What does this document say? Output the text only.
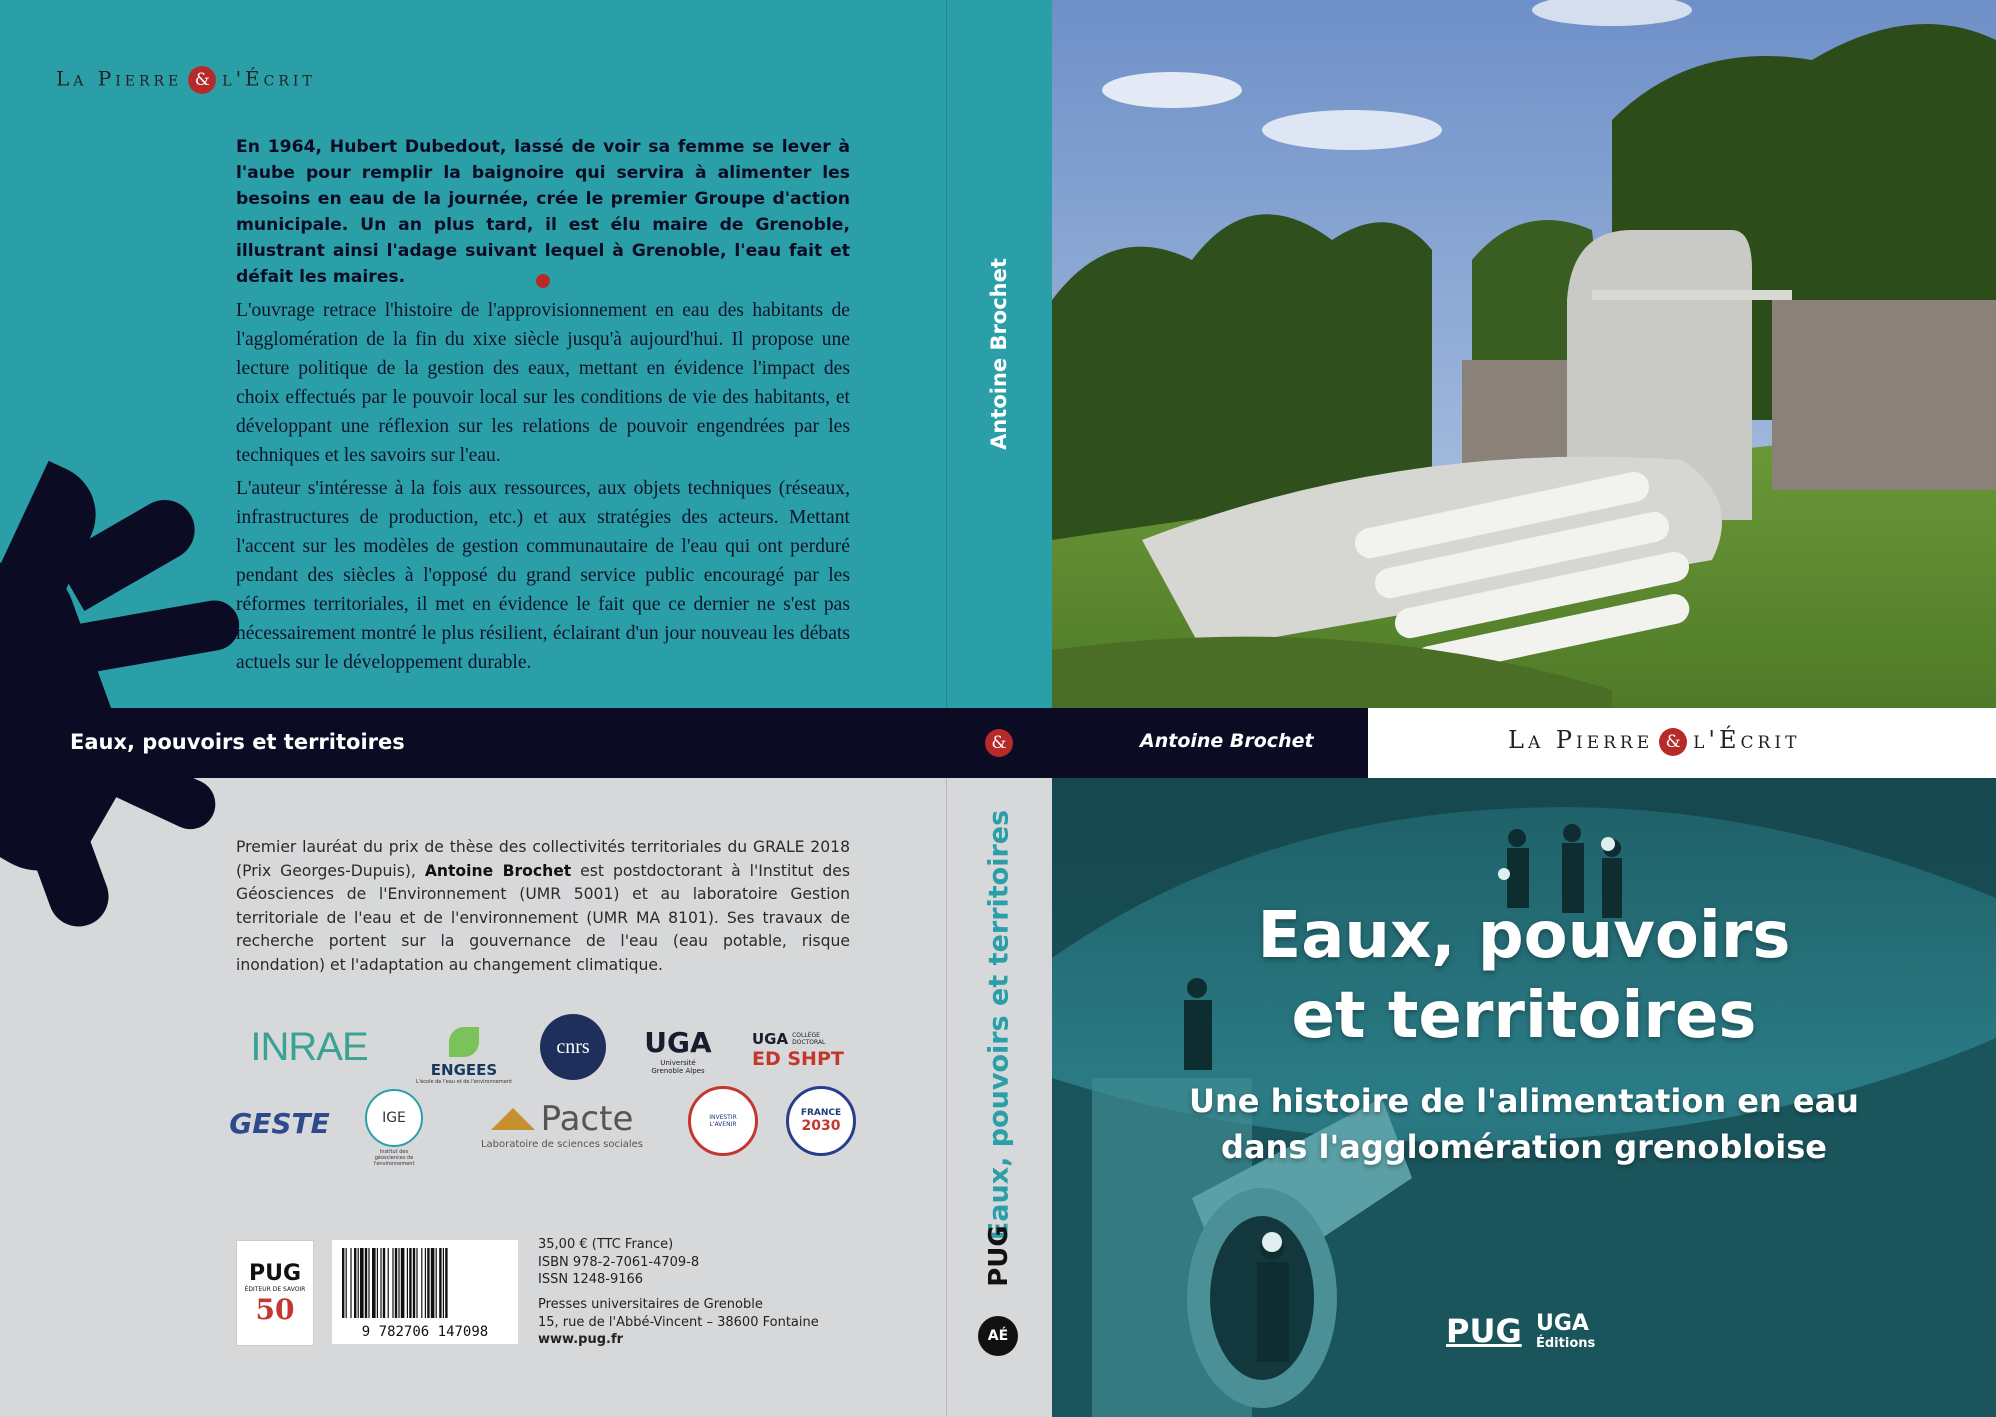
La Pierre & l'Écrit
En 1964, Hubert Dubedout, lassé de voir sa femme se lever à l'aube pour remplir la baignoire qui servira à alimenter les besoins en eau de la journée, crée le premier Groupe d'action municipale. Un an plus tard, il est élu maire de Grenoble, illustrant ainsi l'adage suivant lequel à Grenoble, l'eau fait et défait les maires.

L'ouvrage retrace l'histoire de l'approvisionnement en eau des habitants de l'agglomération de la fin du xixe siècle jusqu'à aujourd'hui. Il propose une lecture politique de la gestion des eaux, mettant en évidence l'impact des choix effectués par le pouvoir local sur les conditions de vie des habitants, et développant une réflexion sur les relations de pouvoir engendrées par les techniques et les savoirs sur l'eau.

L'auteur s'intéresse à la fois aux ressources, aux objets techniques (réseaux, infrastructures de production, etc.) et aux stratégies des acteurs. Mettant l'accent sur les modèles de gestion communautaire de l'eau qui ont perduré pendant des siècles à l'opposé du grand service public encouragé par les réformes territoriales, il met en évidence le fait que ce dernier ne s'est pas nécessairement montré le plus résilient, éclairant d'un jour nouveau les débats actuels sur le développement durable.

Eaux, pouvoirs et territoires
Premier lauréat du prix de thèse des collectivités territoriales du GRALE 2018 (Prix Georges-Dupuis), Antoine Brochet est postdoctorant à l'Institut des Géosciences de l'Environnement (UMR 5001) et au laboratoire Gestion territoriale de l'eau et de l'environnement (UMR MA 8101). Ses travaux de recherche portent sur la gouvernance de l'eau (eau potable, risque inondation) et l'adaptation au changement climatique.
INRAE
ENGEES
L'école de l'eau et de l'environnement
cnrs UGA
Université Grenoble Alpes
UGA COLLÈGE DOCTORAL
ED SHPT
GESTE	IGE
Institut des géosciences de l'environnement
Pacte
Laboratoire de sciences sociales
INVESTIR L'AVENIR
FRANCE
2030
PUG
ÉDITEUR DE SAVOIR
50
9 782706 147098
35,00 € (TTC France)
ISBN 978-2-7061-4709-8
ISSN 1248-9166
Presses universitaires de Grenoble
15, rue de l'Abbé-Vincent – 38600 Fontaine
www.pug.fr
Antoine Brochet
&
Eaux, pouvoirs et territoires
PUG
AÉ
Antoine Brochet	La Pierre & l'Écrit
Eaux, pouvoirs
et territoires
Une histoire de l'alimentation en eau
dans l'agglomération grenobloise
PUG UGA
Éditions
